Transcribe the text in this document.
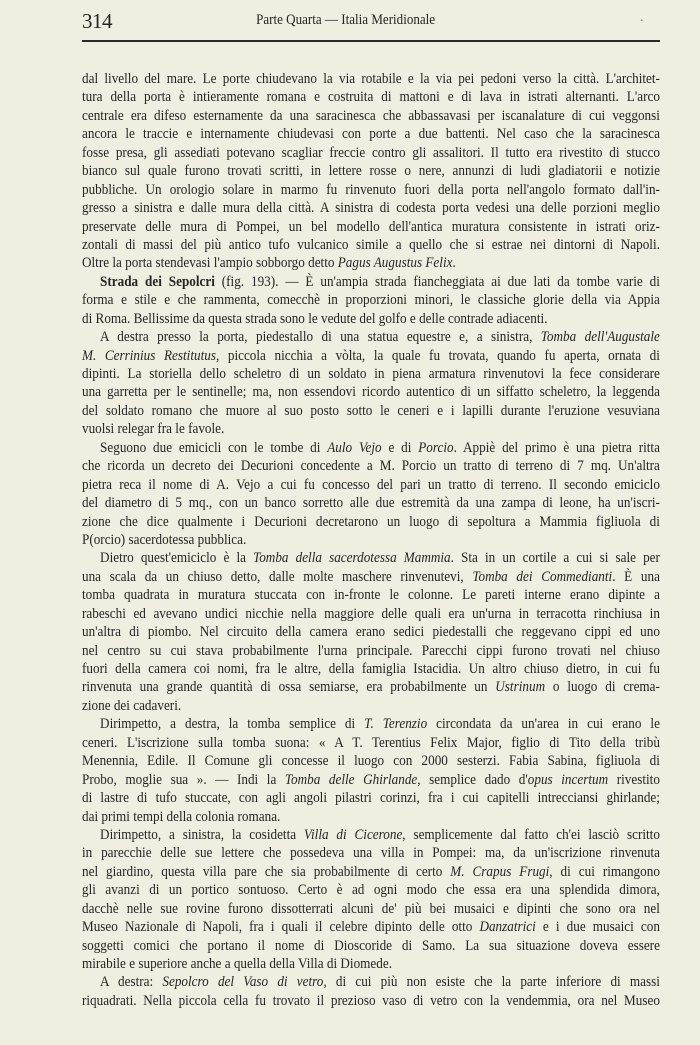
314	Parte Quarta — Italia Meridionale	.
dal livello del mare. Le porte chiudevano la via rotabile e la via pei pedoni verso la città. L'architet-
tura della porta è intieramente romana e costruita di mattoni e di lava in istrati alternanti. L'arco
centrale era difeso esternamente da una saracinesca che abbassavasi per iscanalature di cui veggonsi
ancora le traccie e internamente chiudevasi con porte a due battenti. Nel caso che la saracinesca
fosse presa, gli assediati potevano scagliar freccie contro gli assalitori. Il tutto era rivestito di stucco
bianco sul quale furono trovati scritti, in lettere rosse o nere, annunzi di ludi gladiatorii e notizie
pubbliche. Un orologio solare in marmo fu rinvenuto fuori della porta nell'angolo formato dall'in-
gresso a sinistra e dalle mura della città. A sinistra di codesta porta vedesi una delle porzioni meglio
preservate delle mura di Pompei, un bel modello dell'antica muratura consistente in istrati oriz-
zontali di massi del più antico tufo vulcanico simile a quello che si estrae nei dintorni di Napoli.
Oltre la porta stendevasi l'ampio sobborgo detto Pagus Augustus Felix.
Strada dei Sepolcri (fig. 193). — È un'ampia strada fiancheggiata ai due lati da tombe varie di
forma e stile e che rammenta, comecchè in proporzioni minori, le classiche glorie della via Appia
di Roma. Bellissime da questa strada sono le vedute del golfo e delle contrade adiacenti.
A destra presso la porta, piedestallo di una statua equestre e, a sinistra, Tomba dell'Augustale
M. Cerrinius Restitutus, piccola nicchia a vòlta, la quale fu trovata, quando fu aperta, ornata di
dipinti. La storiella dello scheletro di un soldato in piena armatura rinvenutovi la fece considerare
una garretta per le sentinelle; ma, non essendovi ricordo autentico di un siffatto scheletro, la leggenda
del soldato romano che muore al suo posto sotto le ceneri e i lapilli durante l'eruzione vesuviana
vuolsi relegar fra le favole.
Seguono due emicicli con le tombe di Aulo Vejo e di Porcio. Appiè del primo è una pietra ritta
che ricorda un decreto dei Decurioni concedente a M. Porcio un tratto di terreno di 7 mq. Un'altra
pietra reca il nome di A. Vejo a cui fu concesso del pari un tratto di terreno. Il secondo emiciclo
del diametro di 5 mq., con un banco sorretto alle due estremità da una zampa di leone, ha un'iscri-
zione che dice qualmente i Decurioni decretarono un luogo di sepoltura a Mammia figliuola di
P(orcio) sacerdotessa pubblica.
Dietro quest'emiciclo è la Tomba della sacerdotessa Mammia. Sta in un cortile a cui si sale per
una scala da un chiuso detto, dalle molte maschere rinvenutevi, Tomba dei Commedianti. È una
tomba quadrata in muratura stuccata con in-fronte le colonne. Le pareti interne erano dipinte a
rabeschi ed avevano undici nicchie nella maggiore delle quali era un'urna in terracotta rinchiusa in
un'altra di piombo. Nel circuito della camera erano sedici piedestalli che reggevano cippi ed uno
nel centro su cui stava probabilmente l'urna principale. Parecchi cippi furono trovati nel chiuso
fuori della camera coi nomi, fra le altre, della famiglia Istacidia. Un altro chiuso dietro, in cui fu
rinvenuta una grande quantità di ossa semiarse, era probabilmente un Ustrinum o luogo di crema-
zione dei cadaveri.
Dirimpetto, a destra, la tomba semplice di T. Terenzio circondata da un'area in cui erano le
ceneri. L'iscrizione sulla tomba suona: « A T. Terentius Felix Major, figlio di Tito della tribù
Menennia, Edile. Il Comune gli concesse il luogo con 2000 sesterzi. Fabia Sabina, figliuola di
Probo, moglie sua ». — Indi la Tomba delle Ghirlande, semplice dado d'opus incertum rivestito
di lastre di tufo stuccate, con agli angoli pilastri corinzi, fra i cui capitelli intrecciansi ghirlande;
dai primi tempi della colonia romana.
Dirimpetto, a sinistra, la cosidetta Villa di Cicerone, semplicemente dal fatto ch'ei lasciò scritto
in parecchie delle sue lettere che possedeva una villa in Pompei: ma, da un'iscrizione rinvenuta
nel giardino, questa villa pare che sia probabilmente di certo M. Crapus Frugi, di cui rimangono
gli avanzi di un portico sontuoso. Certo è ad ogni modo che essa era una splendida dimora,
dacchè nelle sue rovine furono dissotterrati alcuni de' più bei musaici e dipinti che sono ora nel
Museo Nazionale di Napoli, fra i quali il celebre dipinto delle otto Danzatrici e i due musaici con
soggetti comici che portano il nome di Dioscoride di Samo. La sua situazione doveva essere
mirabile e superiore anche a quella della Villa di Diomede.
A destra: Sepolcro del Vaso di vetro, di cui più non esiste che la parte inferiore di massi
riquadrati. Nella piccola cella fu trovato il prezioso vaso di vetro con la vendemmia, ora nel Museo
